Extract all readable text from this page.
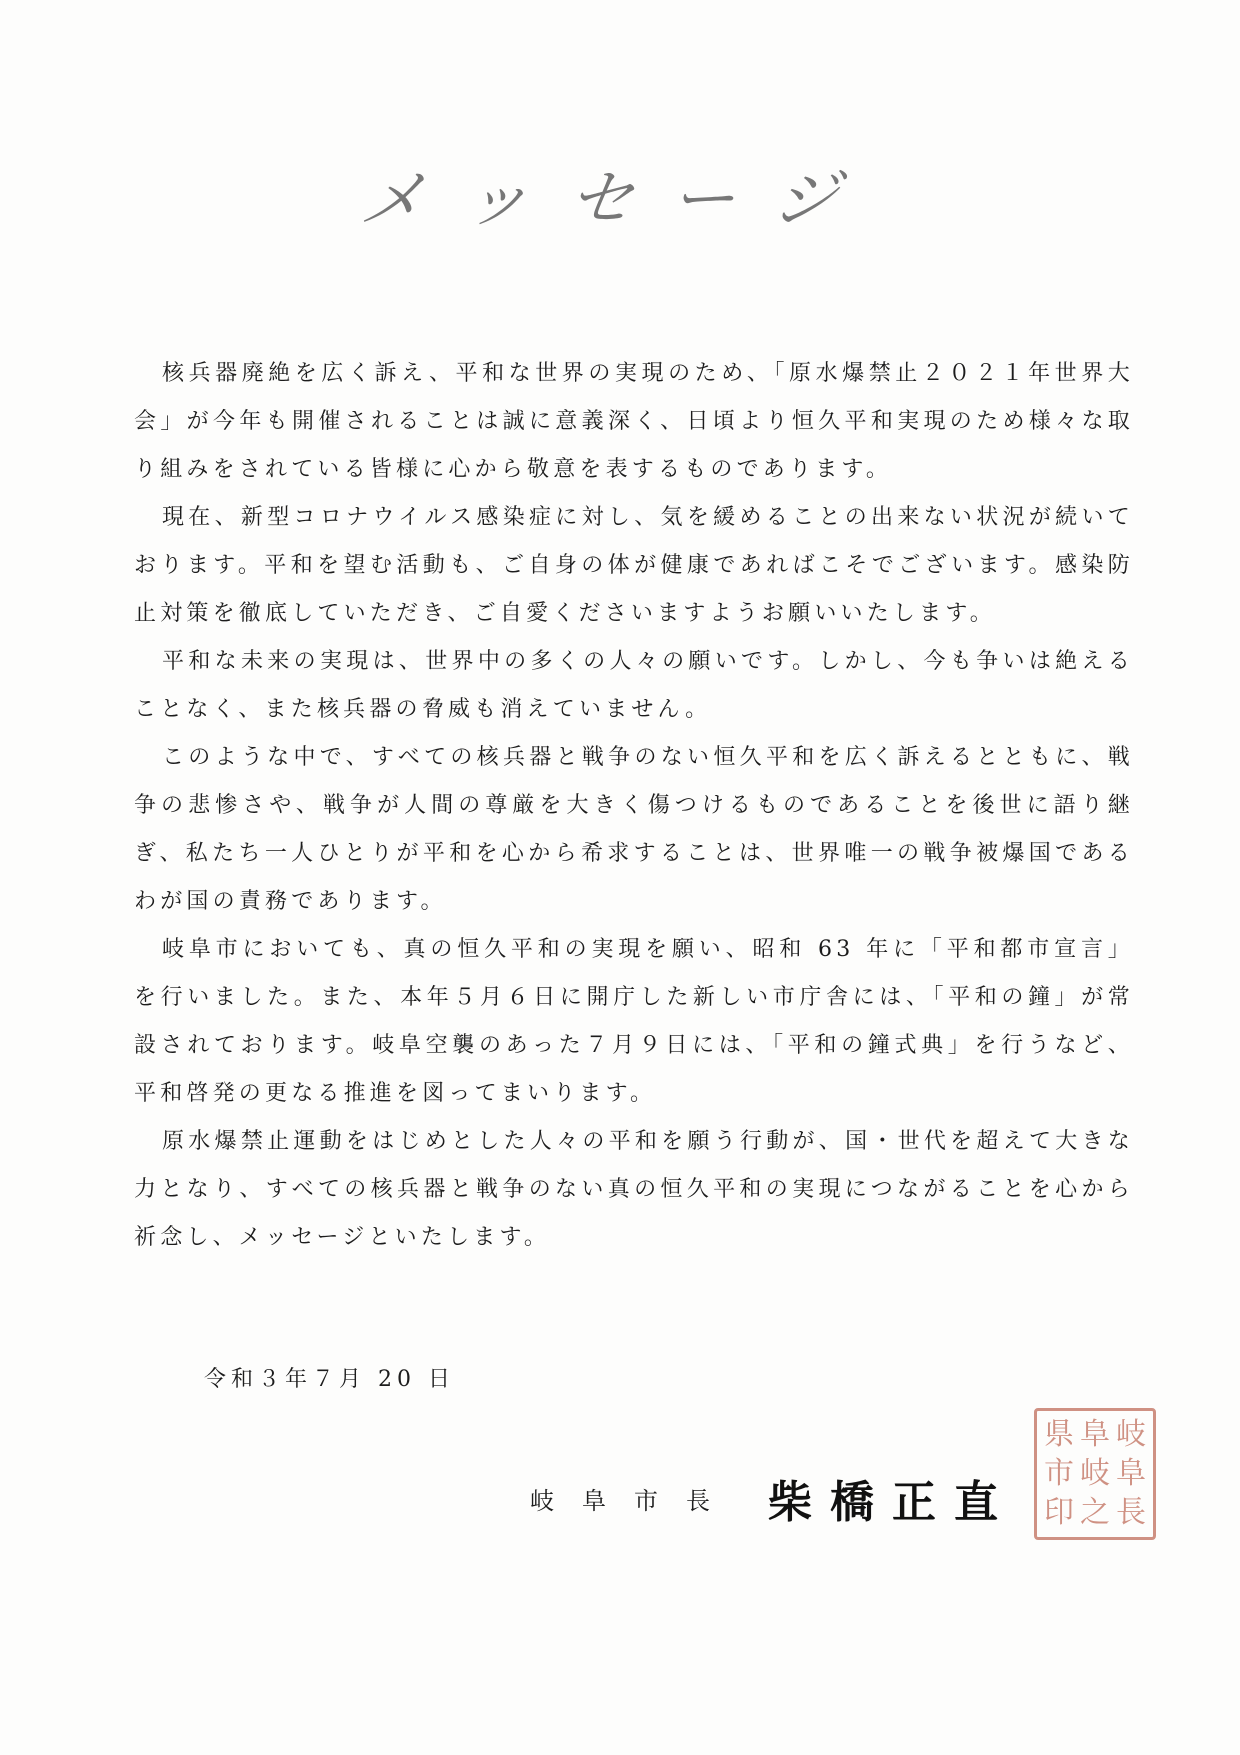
メッセージ

核兵器廃絶を広く訴え、平和な世界の実現のため、「原水爆禁止２０２１年世界大会」が今年も開催されることは誠に意義深く、日頃より恒久平和実現のため様々な取り組みをされている皆様に心から敬意を表するものであります。

現在、新型コロナウイルス感染症に対し、気を緩めることの出来ない状況が続いております。平和を望む活動も、ご自身の体が健康であればこそでございます。感染防止対策を徹底していただき、ご自愛くださいますようお願いいたします。

平和な未来の実現は、世界中の多くの人々の願いです。しかし、今も争いは絶えることなく、また核兵器の脅威も消えていません。

このような中で、すべての核兵器と戦争のない恒久平和を広く訴えるとともに、戦争の悲惨さや、戦争が人間の尊厳を大きく傷つけるものであることを後世に語り継ぎ、私たち一人ひとりが平和を心から希求することは、世界唯一の戦争被爆国であるわが国の責務であります。

岐阜市においても、真の恒久平和の実現を願い、昭和 63 年に「平和都市宣言」を行いました。また、本年５月６日に開庁した新しい市庁舎には、「平和の鐘」が常設されております。岐阜空襲のあった７月９日には、「平和の鐘式典」を行うなど、平和啓発の更なる推進を図ってまいります。

原水爆禁止運動をはじめとした人々の平和を願う行動が、国・世代を超えて大きな力となり、すべての核兵器と戦争のない真の恒久平和の実現につながることを心から祈念し、メッセージといたします。

令和３年７月 20 日
岐阜市長 柴橋正直
岐
阜
県
阜
岐
市
長
之
印
